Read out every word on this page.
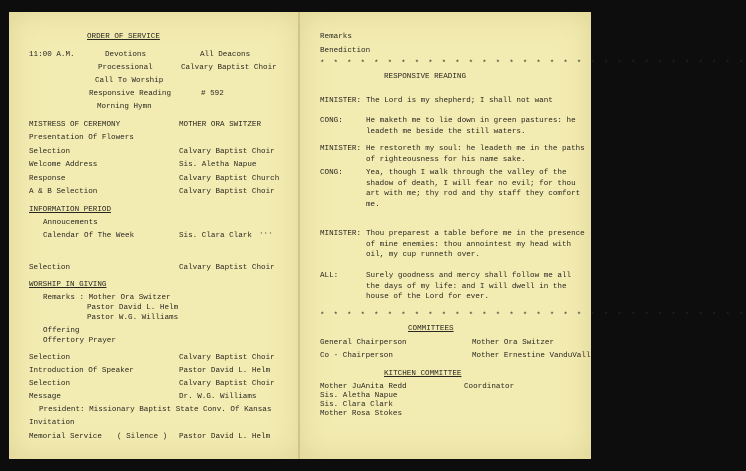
ORDER OF SERVICE
11:00 A.M.	Devotions	All Deacons
Processional	Calvary Baptist Choir
Call To Worship
Responsive Reading	# 592
Morning Hymn
MISTRESS OF CEREMONY	MOTHER ORA SWITZER
Presentation Of Flowers
Selection	Calvary Baptist Choir
Welcome Address	Sis. Aletha Napue
Response	Calvary Baptist Church
A & B Selection	Calvary Baptist Choir
INFORMATION PERIOD
Annoucements
Calendar Of The Week	Sis. Clara Clark ···
Selection	Calvary Baptist Choir
WORSHIP IN GIVING
Remarks : Mother Ora Switzer
Pastor David L. Helm
Pastor W.G. Williams
Offering
Offertory Prayer
Selection	Calvary Baptist Choir
Introduction Of Speaker	Pastor David L. Helm
Selection	Calvary Baptist Choir
Message	Dr. W.G. Williams
President: Missionary Baptist State Conv. Of Kansas
Invitation
Memorial Service ( Silence ) Pastor David L. Helm
Remarks
Benediction
* * * * * * * * * * * * * * * * * * * * * * * * * * * * * * * *
RESPONSIVE READING
MINISTER: The Lord is my shepherd; I shall not want
CONG:	He maketh me to lie down in green pastures: he leadeth me beside the still waters.
MINISTER: He restoreth my soul: he leadeth me in the paths of righteousness for his name sake.
CONG:	Yea, though I walk through the valley of the shadow of death, I will fear no evil; for thou art with me; thy rod and thy staff they comfort me.
MINISTER: Thou preparest a table before me in the presence of mine enemies: thou annointest my head with oil, my cup runneth over.
ALL:	Surely goodness and mercy shall follow me all the days of my life: and I will dwell in the house of the Lord for ever.
* * * * * * * * * * * * * * * * * * * * * * * * * * * * * * * *
COMMITTEES
General Chairperson	Mother Ora Switzer
Co - Chairperson	Mother Ernestine VanduVall
KITCHEN COMMITTEE
Mother JuAnita Redd	Coordinator
Sis. Aletha Napue
Sis. Clara Clark
Mother Rosa Stokes
